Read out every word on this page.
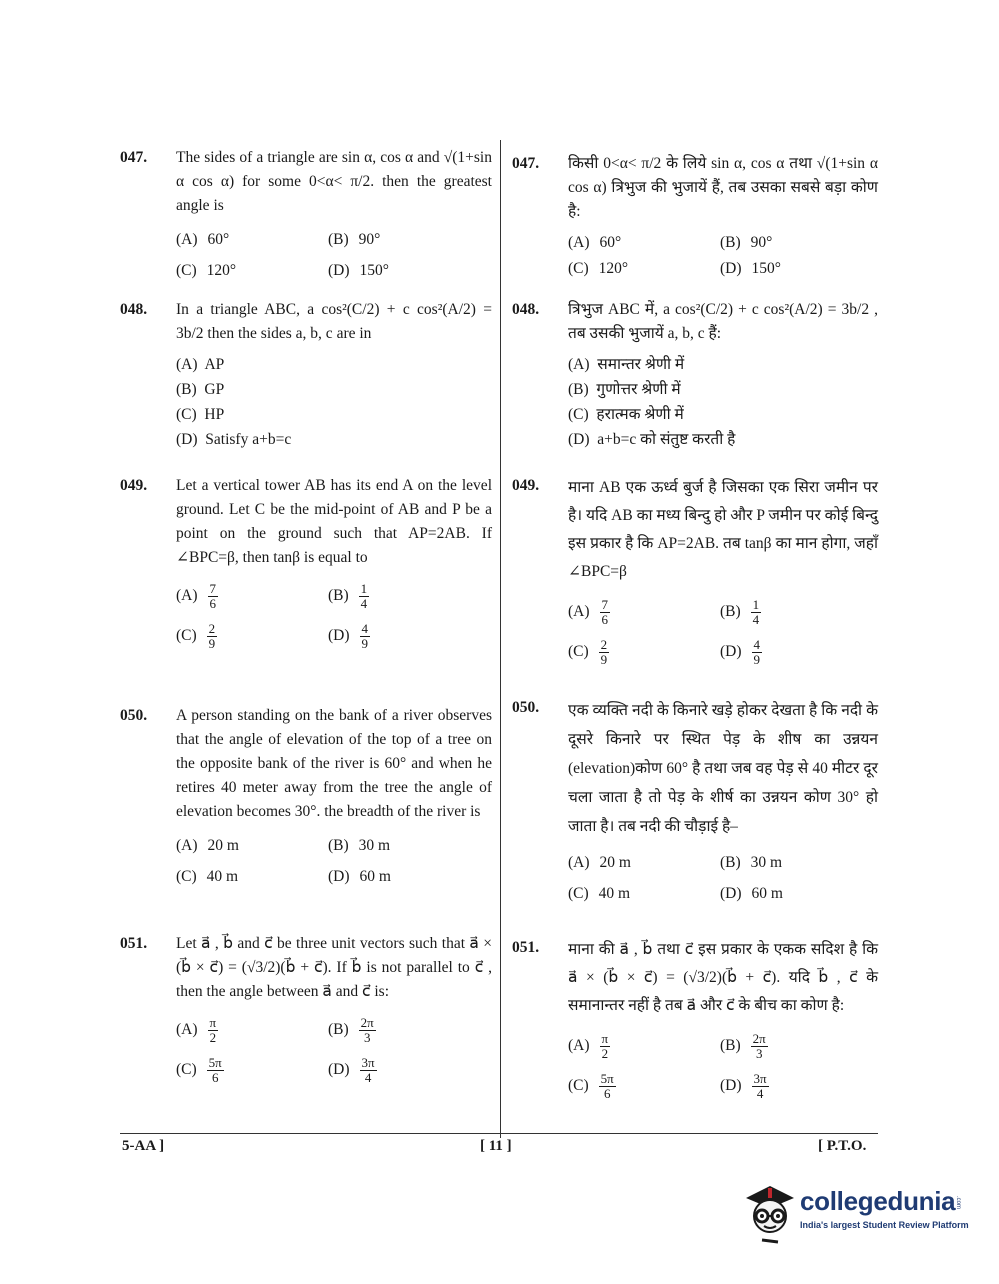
047. The sides of a triangle are sin α, cos α and √(1+sin α cos α) for some 0<α< π/2. then the greatest angle is
(A) 60°	(B) 90°
(C) 120°	(D) 150°
048. In a triangle ABC, a cos²(C/2) + c cos²(A/2) = 3b/2 then the sides a, b, c are in
(A) AP
(B) GP
(C) HP
(D) Satisfy a+b=c
049. Let a vertical tower AB has its end A on the level ground. Let C be the mid-point of AB and P be a point on the ground such that AP=2AB. If ∠BPC=β, then tanβ is equal to
$(A) \frac{7}{6}$	$(B) \frac{1}{4}$
$(C) \frac{2}{9}$	$(D) \frac{4}{9}$
050. A person standing on the bank of a river observes that the angle of elevation of the top of a tree on the opposite bank of the river is 60° and when he retires 40 meter away from the tree the angle of elevation becomes 30°. the breadth of the river is
(A) 20 m	(B) 30 m
(C) 40 m	(D) 60 m
051. Let a⃗ , b⃗ and c⃗ be three unit vectors such that a⃗ × (b⃗ × c⃗) = (√3/2)(b⃗ + c⃗). If b⃗ is not parallel to c⃗ , then the angle between a⃗ and c⃗ is:
$(A) \frac{\pi}{2}$	$(B) \frac{2\pi}{3}$
$(C) \frac{5\pi}{6}$	$(D) \frac{3\pi}{4}$
047. किसी 0<α< π/2 के लिये sin α, cos α तथा √(1+sin α cos α) त्रिभुज की भुजायें हैं, तब उसका सबसे बड़ा कोण है:
(A) 60°	(B) 90°
(C) 120°	(D) 150°
048. त्रिभुज ABC में, a cos²(C/2) + c cos²(A/2) = 3b/2 , तब उसकी भुजायें a, b, c हैं:
(A) समान्तर श्रेणी में
(B) गुणोत्तर श्रेणी में
(C) हरात्मक श्रेणी में
(D) a+b=c को संतुष्ट करती है
049. माना AB एक ऊर्ध्व बुर्ज है जिसका एक सिरा जमीन पर है। यदि AB का मध्य बिन्दु हो और P जमीन पर कोई बिन्दु इस प्रकार है कि AP=2AB. तब tanβ का मान होगा, जहाँ ∠BPC=β
$(A) \frac{7}{6}$	$(B) \frac{1}{4}$
$(C) \frac{2}{9}$	$(D) \frac{4}{9}$
050. एक व्यक्ति नदी के किनारे खड़े होकर देखता है कि नदी के दूसरे किनारे पर स्थित पेड़ के शीष का उन्नयन (elevation)कोण 60° है तथा जब वह पेड़ से 40 मीटर दूर चला जाता है तो पेड़ के शीर्ष का उन्नयन कोण 30° हो जाता है। तब नदी की चौड़ाई है–
(A) 20 m	(B) 30 m
(C) 40 m	(D) 60 m
051. माना की a⃗ , b⃗ तथा c⃗ इस प्रकार के एकक सदिश है कि a⃗ × (b⃗ × c⃗) = (√3/2)(b⃗ + c⃗). यदि b⃗ , c⃗ के समानान्तर नहीं है तब a⃗ और c⃗ के बीच का कोण है:
$(A) \frac{\pi}{2}$	$(B) \frac{2\pi}{3}$
$(C) \frac{5\pi}{6}$	$(D) \frac{3\pi}{4}$
5-AA ]	[ 11 ]	[ P.T.O.
collegedunia .com
India's largest Student Review Platform
